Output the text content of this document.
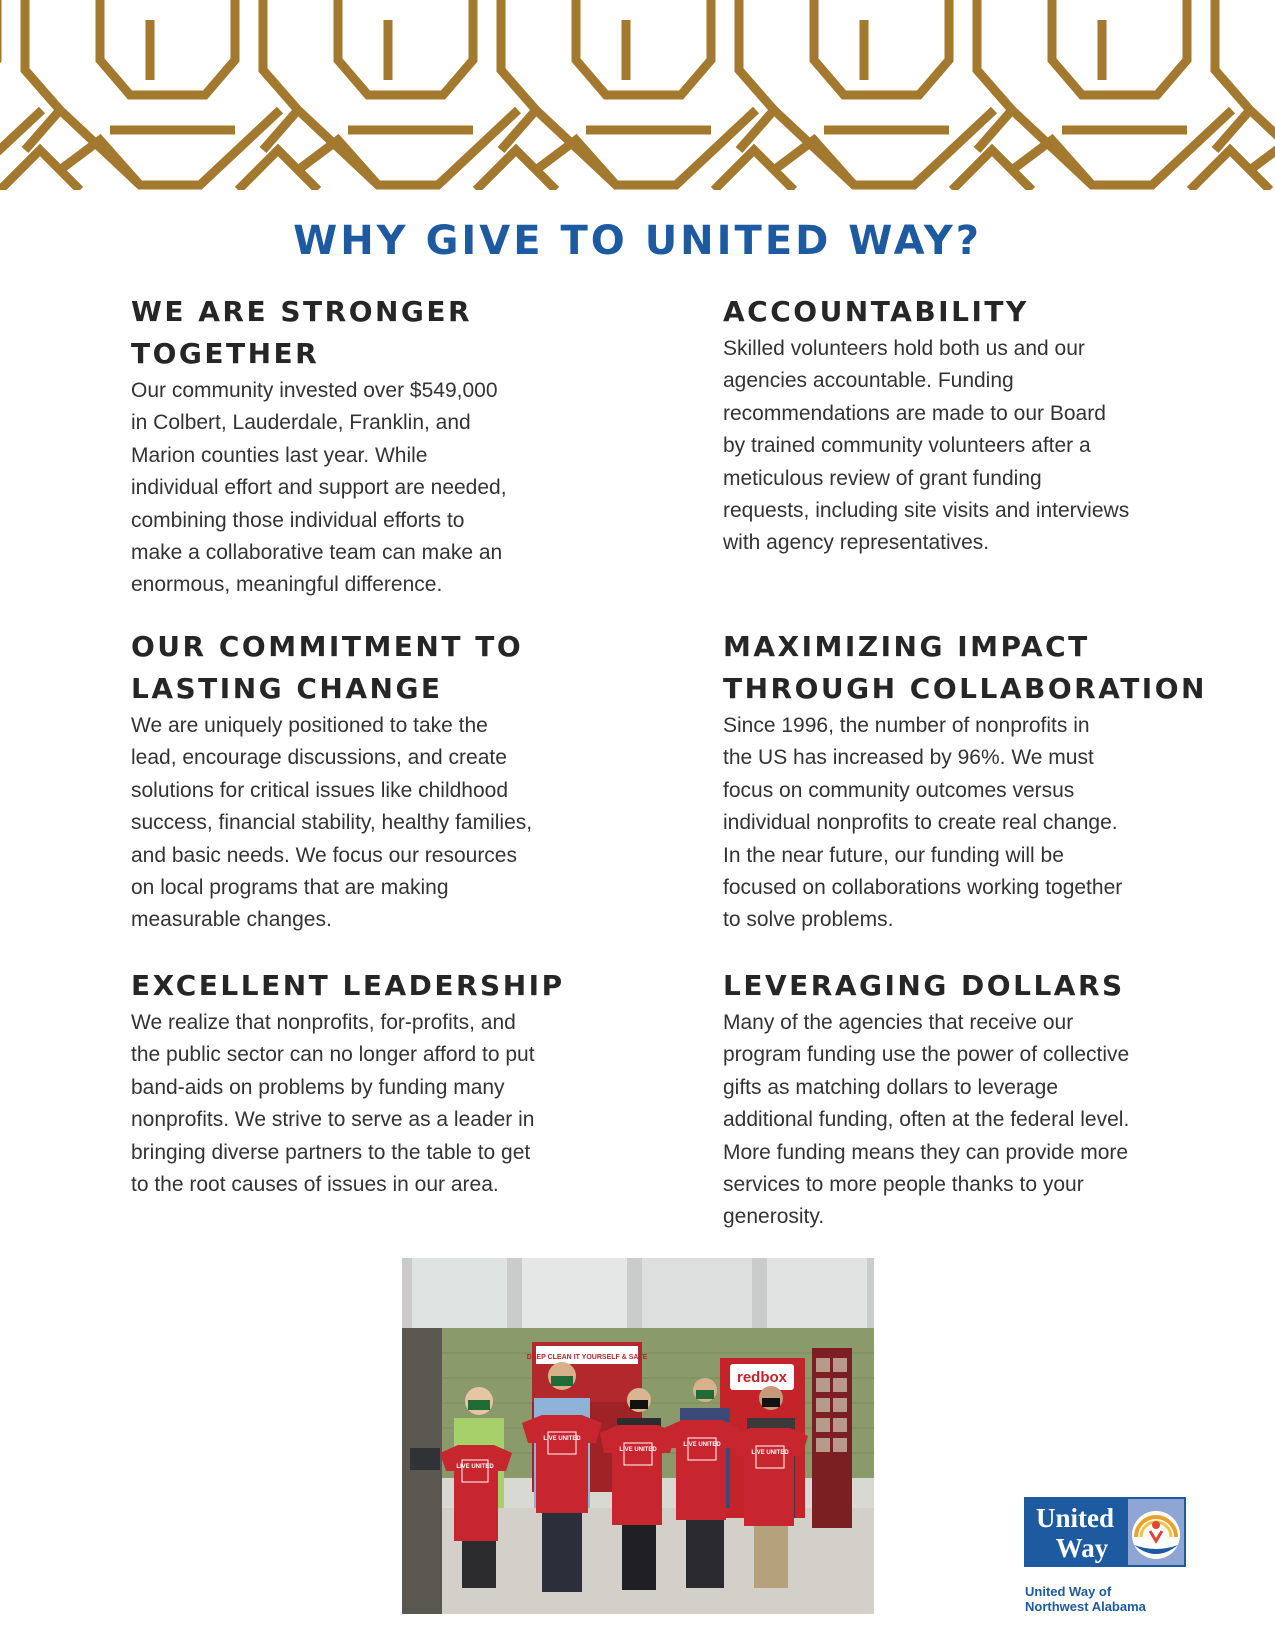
WHY GIVE TO UNITED WAY?
WE ARE STRONGER TOGETHER

Our community invested over $549,000 in Colbert, Lauderdale, Franklin, and Marion counties last year. While individual effort and support are needed, combining those individual efforts to make a collaborative team can make an enormous, meaningful difference.

ACCOUNTABILITY

Skilled volunteers hold both us and our agencies accountable. Funding recommendations are made to our Board by trained community volunteers after a meticulous review of grant funding requests, including site visits and interviews with agency representatives.

OUR COMMITMENT TO LASTING CHANGE

We are uniquely positioned to take the lead, encourage discussions, and create solutions for critical issues like childhood success, financial stability, healthy families, and basic needs. We focus our resources on local programs that are making measurable changes.

MAXIMIZING IMPACT THROUGH COLLABORATION

Since 1996, the number of nonprofits in the US has increased by 96%. We must focus on community outcomes versus individual nonprofits to create real change. In the near future, our funding will be focused on collaborations working together to solve problems.

EXCELLENT LEADERSHIP

We realize that nonprofits, for-profits, and the public sector can no longer afford to put band-aids on problems by funding many nonprofits. We strive to serve as a leader in bringing diverse partners to the table to get to the root causes of issues in our area.

LEVERAGING DOLLARS

Many of the agencies that receive our program funding use the power of collective gifts as matching dollars to leverage additional funding, often at the federal level. More funding means they can provide more services to more people thanks to your generosity.

DEEP CLEAN IT YOURSELF & SAVE
redbox
LIVE UNITED
LIVE UNITED
LIVE UNITED
LIVE UNITED
LIVE UNITED
United
Way
United Way of
Northwest Alabama
